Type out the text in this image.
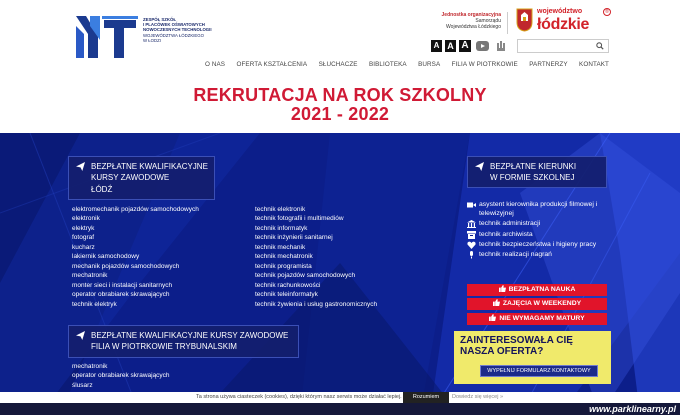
ZESPÓŁ SZKÓŁ
I PLACÓWEK OŚWIATOWYCH
NOWOCZESNYCH TECHNOLOGII
WOJEWÓDZTWA ŁÓDZKIEGO
W ŁODZI
Jednostka organizacyjna
Samorządu
Województwa Łódzkiego
województwo
łódzkie
®
A A A
O NAS OFERTA KSZTAŁCENIA SŁUCHACZE BIBLIOTEKA BURSA FILIA W PIOTRKOWIE PARTNERZY KONTAKT
REKRUTACJA NA ROK SZKOLNY
2021 - 2022
BEZPŁATNE KWALIFIKACYJNE
KURSY ZAWODOWE
ŁÓDŹ
elektromechanik pojazdów samochodowych
elektronik
elektryk
fotograf
kucharz
lakiernik samochodowy
mechanik pojazdów samochodowych
mechatronik
monter sieci i instalacji sanitarnych
operator obrabiarek skrawających
technik elektryk
technik elektronik
technik fotografii i multimediów
technik informatyk
technik inżynierii sanitarnej
technik mechanik
technik mechatronik
technik programista
technik pojazdów samochodowych
technik rachunkowości
technik teleinformatyk
technik żywienia i usług gastronomicznych
BEZPŁATNE KWALIFIKACYJNE KURSY ZAWODOWE
FILIA W PIOTRKOWIE TRYBUNALSKIM
mechatronik
operator obrabiarek skrawających
ślusarz
BEZPŁATNE KIERUNKI
W FORMIE SZKOLNEJ
asystent kierownika produkcji filmowej i telewizyjnej
technik administracji
technik archiwista
technik bezpieczeństwa i higieny pracy
technik realizacji nagrań
BEZPŁATNA NAUKA
ZAJĘCIA W WEEKENDY
NIE WYMAGAMY MATURY
ZAINTERESOWAŁA CIĘ
NASZA OFERTA?
WYPEŁNIJ FORMULARZ KONTAKTOWY
Ta strona używa ciasteczek (cookies), dzięki którym nasz serwis może działać lepiej.	Rozumiem	Dowiedz się więcej »
www.parklinearny.pl
